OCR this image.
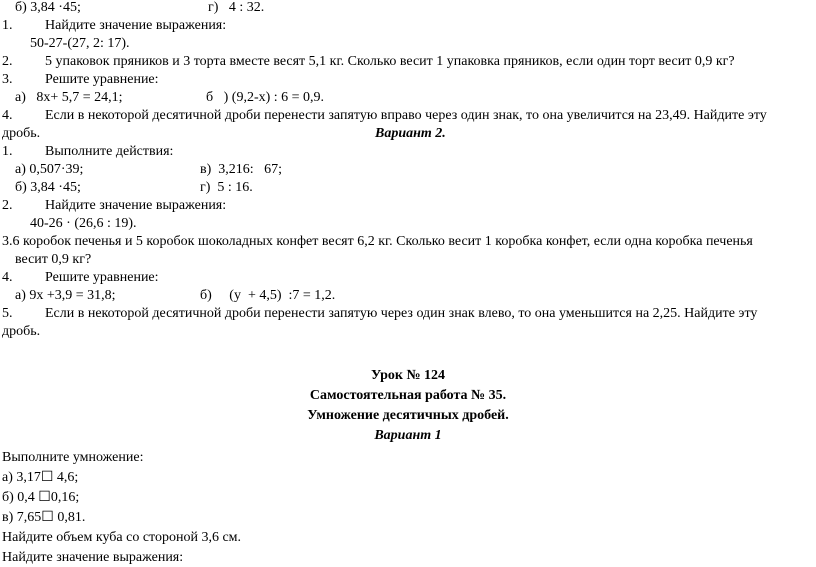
б) 3,84 ·45;	г)   4 : 32.
1. Найдите значение выражения:
50-27-(27, 2: 17).
2. 5 упаковок пряников и 3 торта вместе весят 5,1 кг. Сколько весит 1 упаковка пряников, если один торт весит 0,9 кг?
3. Решите уравнение:
а)   8x+ 5,7 = 24,1;	б   ) (9,2-x) : 6 = 0,9.
4. Если в некоторой десятичной дроби перенести запятую вправо через один знак, то она увеличится на 23,49. Найдите эту
дробь.	Вариант 2.
1. Выполните действия:
а) 0,507·39;	в)  3,216:   67;
б) 3,84 ·45;	г)  5 : 16.
2. Найдите значение выражения:
40-26 · (26,6 : 19).
3.6 коробок печенья и 5 коробок шоколадных конфет весят 6,2 кг. Сколько весит 1 коробка конфет, если одна коробка печенья
весит 0,9 кг?
4. Решите уравнение:
а) 9x +3,9 = 31,8;	б)     (y  + 4,5)  :7 = 1,2.
5. Если в некоторой десятичной дроби перенести запятую через один знак влево, то она уменьшится на 2,25. Найдите эту
дробь.
Урок № 124
Самостоятельная работа № 35.
Умножение десятичных дробей.
Вариант 1
Выполните умножение:
а) 3,17☐ 4,6;
б) 0,4 ☐0,16;
в) 7,65☐ 0,81.
Найдите объем куба со стороной 3,6 см.
Найдите значение выражения:
